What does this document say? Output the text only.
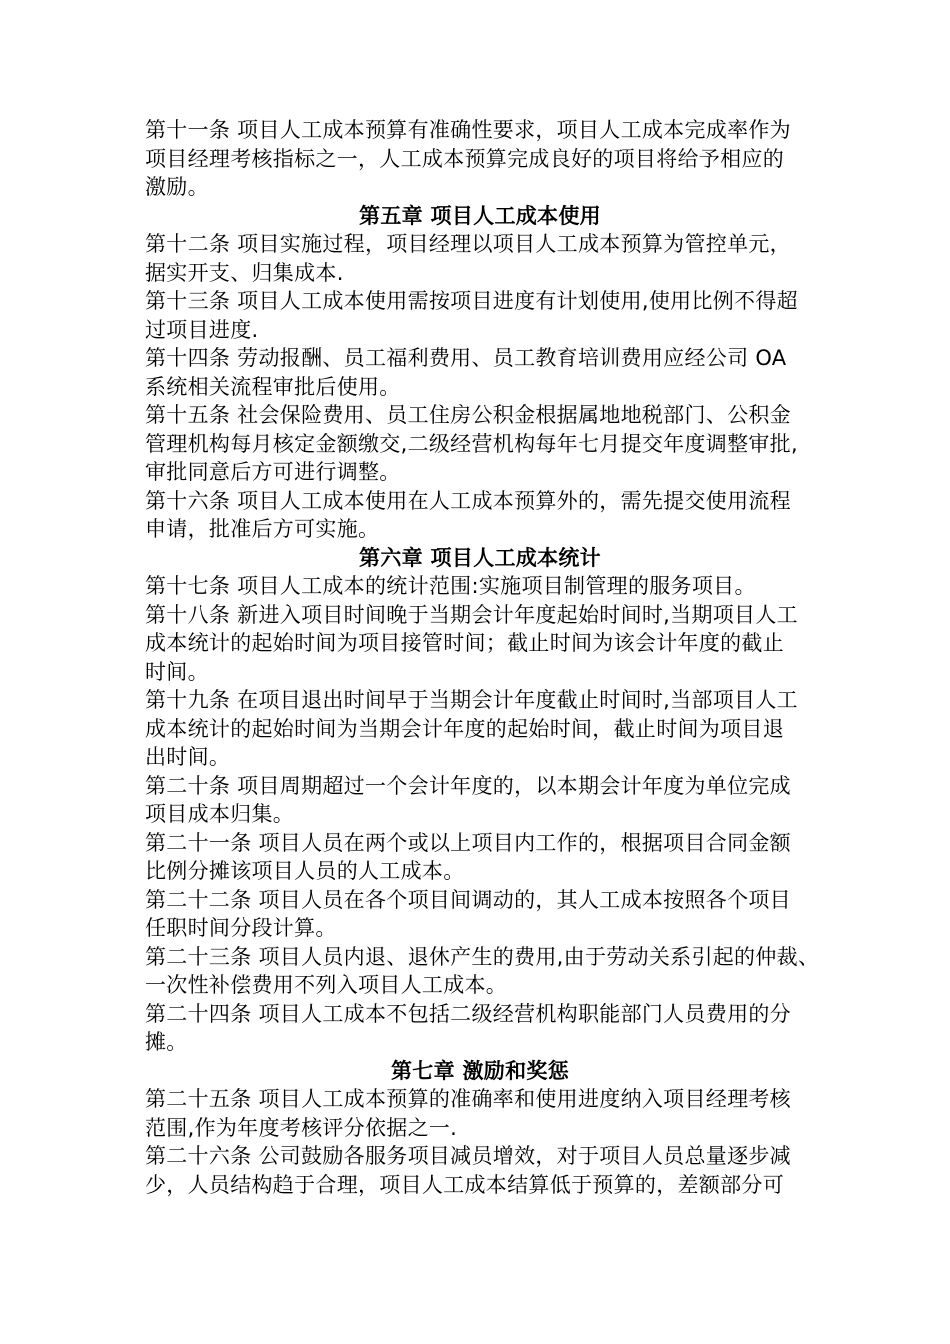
第十一条 项目人工成本预算有准确性要求，项目人工成本完成率作为
项目经理考核指标之一，人工成本预算完成良好的项目将给予相应的
激励。
第五章 项目人工成本使用
第十二条 项目实施过程，项目经理以项目人工成本预算为管控单元，
据实开支、归集成本.
第十三条 项目人工成本使用需按项目进度有计划使用,使用比例不得超
过项目进度.
第十四条 劳动报酬、员工福利费用、员工教育培训费用应经公司 OA
系统相关流程审批后使用。
第十五条 社会保险费用、员工住房公积金根据属地地税部门、公积金
管理机构每月核定金额缴交,二级经营机构每年七月提交年度调整审批,
审批同意后方可进行调整。
第十六条 项目人工成本使用在人工成本预算外的，需先提交使用流程
申请，批准后方可实施。
第六章 项目人工成本统计
第十七条 项目人工成本的统计范围:实施项目制管理的服务项目。
第十八条 新进入项目时间晚于当期会计年度起始时间时,当期项目人工
成本统计的起始时间为项目接管时间；截止时间为该会计年度的截止
时间。
第十九条 在项目退出时间早于当期会计年度截止时间时,当部项目人工
成本统计的起始时间为当期会计年度的起始时间，截止时间为项目退
出时间。
第二十条 项目周期超过一个会计年度的，以本期会计年度为单位完成
项目成本归集。
第二十一条 项目人员在两个或以上项目内工作的，根据项目合同金额
比例分摊该项目人员的人工成本。
第二十二条 项目人员在各个项目间调动的，其人工成本按照各个项目
任职时间分段计算。
第二十三条 项目人员内退、退休产生的费用,由于劳动关系引起的仲裁、
一次性补偿费用不列入项目人工成本。
第二十四条 项目人工成本不包括二级经营机构职能部门人员费用的分
摊。
第七章 激励和奖惩
第二十五条 项目人工成本预算的准确率和使用进度纳入项目经理考核
范围,作为年度考核评分依据之一.
第二十六条 公司鼓励各服务项目减员增效，对于项目人员总量逐步减
少，人员结构趋于合理，项目人工成本结算低于预算的，差额部分可
